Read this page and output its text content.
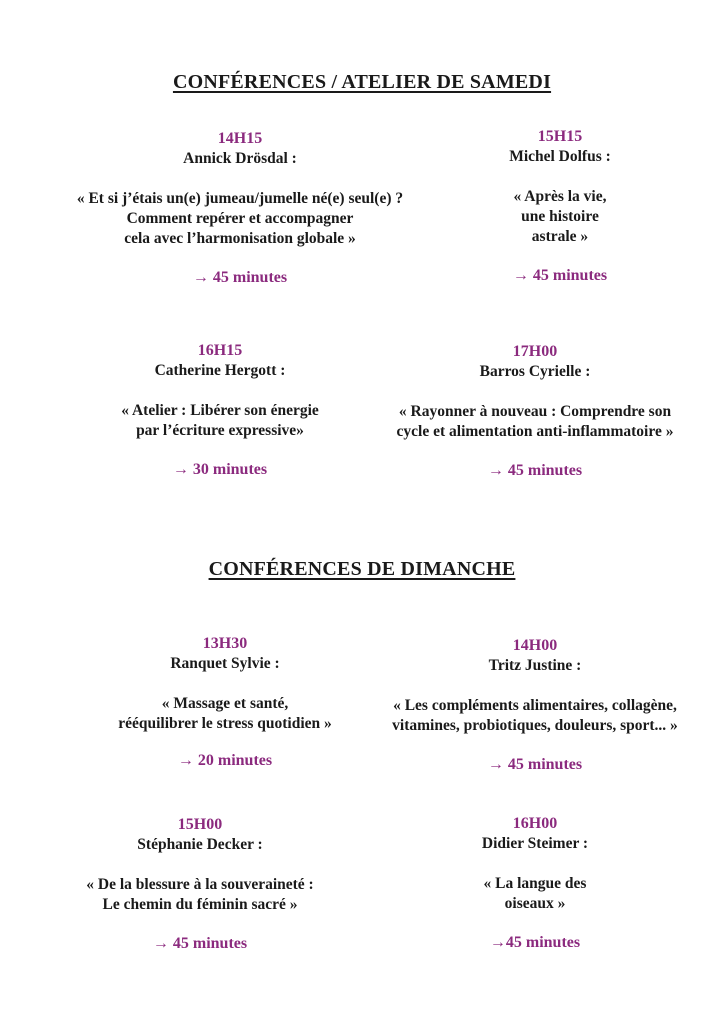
CONFÉRENCES / ATELIER DE SAMEDI
14H15
Annick Drösdal :
« Et si j’étais un(e) jumeau/jumelle né(e) seul(e) ?
Comment repérer et accompagner
cela avec l’harmonisation globale »
→ 45 minutes
15H15
Michel Dolfus :
« Après la vie,
une histoire
astrale »
→ 45 minutes
16H15
Catherine Hergott :
« Atelier : Libérer son énergie
par l’écriture expressive»
→ 30 minutes
17H00
Barros Cyrielle :
« Rayonner à nouveau : Comprendre son
cycle et alimentation anti-inflammatoire »
→ 45 minutes
CONFÉRENCES DE DIMANCHE
13H30
Ranquet Sylvie :
« Massage et santé,
rééquilibrer le stress quotidien »
→ 20 minutes
14H00
Tritz Justine :
« Les compléments alimentaires, collagène,
vitamines, probiotiques, douleurs, sport... »
→ 45 minutes
15H00
Stéphanie Decker :
« De la blessure à la souveraineté :
Le chemin du féminin sacré »
→ 45 minutes
16H00
Didier Steimer :
« La langue des
oiseaux »
→45 minutes
